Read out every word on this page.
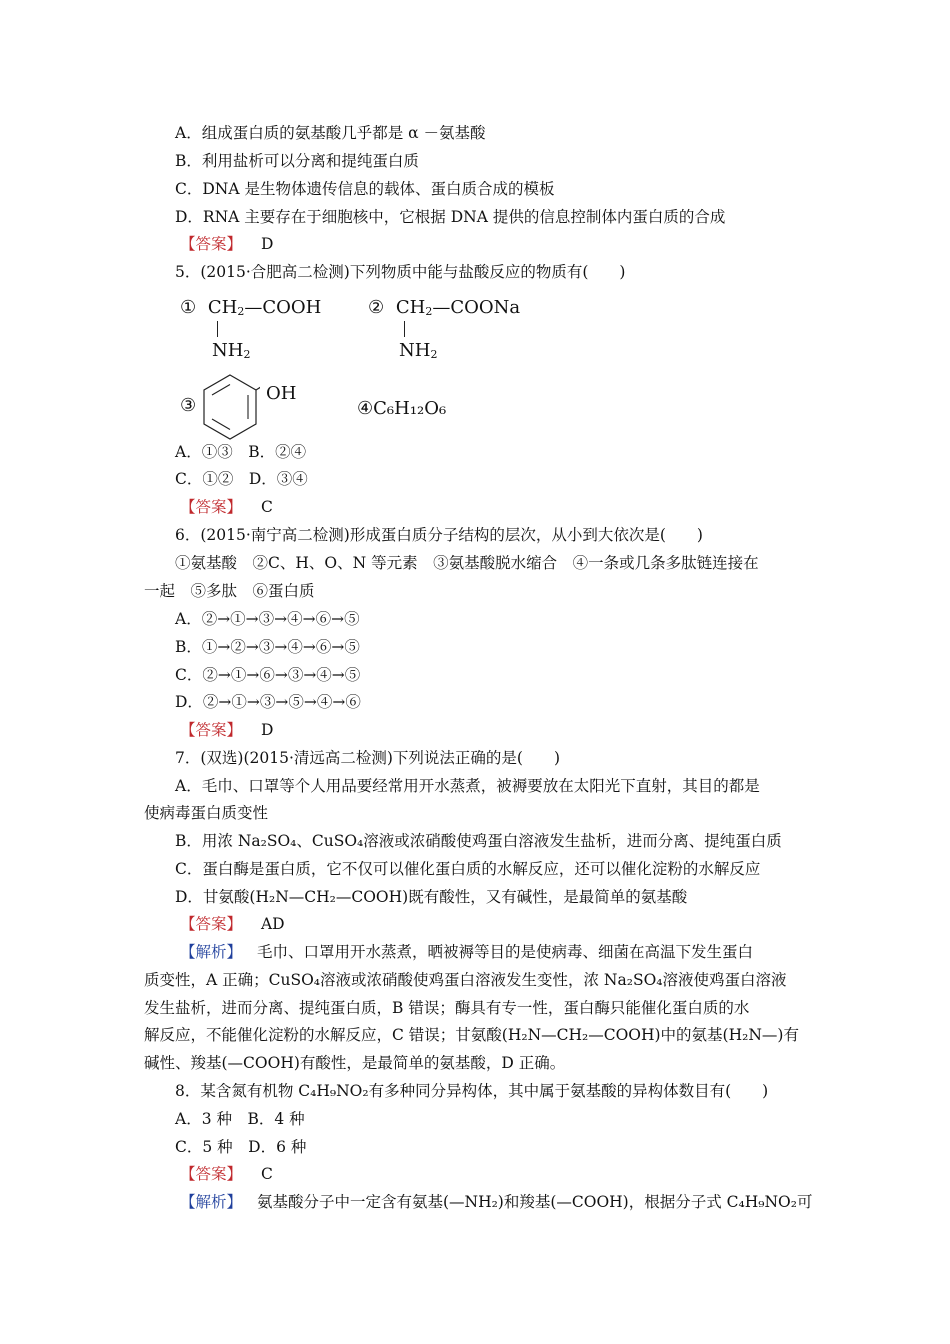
A．组成蛋白质的氨基酸几乎都是 α －氨基酸
B．利用盐析可以分离和提纯蛋白质
C．DNA 是生物体遗传信息的载体、蛋白质合成的模板
D．RNA 主要存在于细胞核中，它根据 DNA 提供的信息控制体内蛋白质的合成
【答案】 D
5．(2015·合肥高二检测)下列物质中能与盐酸反应的物质有(　　)
① $CH_2—COOH$
$NH_2$
② $CH_2—COONa$
$NH_2$
③
OH
④C₆H₁₂O₆
A．①③　B．②④
C．①②　D．③④
【答案】 C
6．(2015·南宁高二检测)形成蛋白质分子结构的层次，从小到大依次是(　　)
①氨基酸　②C、H、O、N 等元素　③氨基酸脱水缩合　④一条或几条多肽链连接在
一起　⑤多肽　⑥蛋白质
A．②→①→③→④→⑥→⑤
B．①→②→③→④→⑥→⑤
C．②→①→⑥→③→④→⑤
D．②→①→③→⑤→④→⑥
【答案】 D
7．(双选)(2015·清远高二检测)下列说法正确的是(　　)
A．毛巾、口罩等个人用品要经常用开水蒸煮，被褥要放在太阳光下直射，其目的都是
使病毒蛋白质变性
B．用浓 Na₂SO₄、CuSO₄溶液或浓硝酸使鸡蛋白溶液发生盐析，进而分离、提纯蛋白质
C．蛋白酶是蛋白质，它不仅可以催化蛋白质的水解反应，还可以催化淀粉的水解反应
D．甘氨酸(H₂N—CH₂—COOH)既有酸性，又有碱性，是最简单的氨基酸
【答案】 AD
【解析】 毛巾、口罩用开水蒸煮，晒被褥等目的是使病毒、细菌在高温下发生蛋白
质变性，A 正确；CuSO₄溶液或浓硝酸使鸡蛋白溶液发生变性，浓 Na₂SO₄溶液使鸡蛋白溶液
发生盐析，进而分离、提纯蛋白质，B 错误；酶具有专一性，蛋白酶只能催化蛋白质的水
解反应，不能催化淀粉的水解反应，C 错误；甘氨酸(H₂N—CH₂—COOH)中的氨基(H₂N—)有
碱性、羧基(—COOH)有酸性，是最简单的氨基酸，D 正确。
8．某含氮有机物 C₄H₉NO₂有多种同分异构体，其中属于氨基酸的异构体数目有(　　)
A．3 种　B．4 种
C．5 种　D．6 种
【答案】 C
【解析】 氨基酸分子中一定含有氨基(—NH₂)和羧基(—COOH)，根据分子式 C₄H₉NO₂可
